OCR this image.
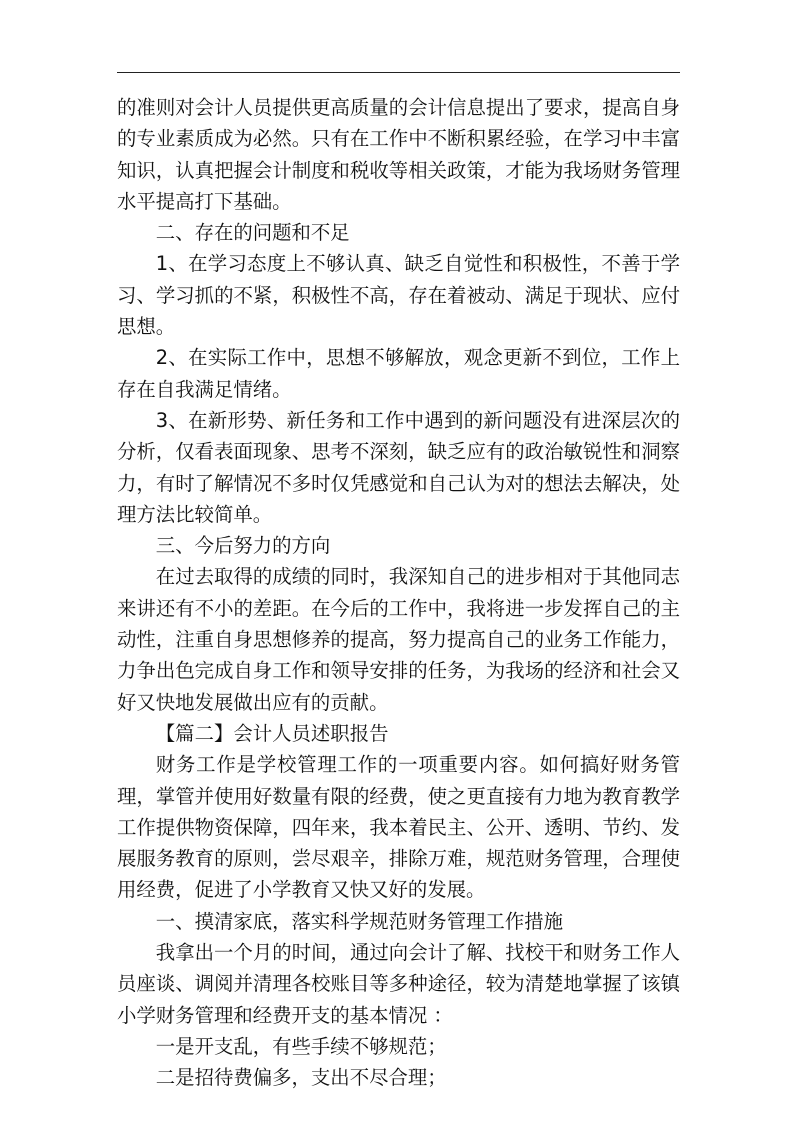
的准则对会计人员提供更高质量的会计信息提出了要求，提高自身的专业素质成为必然。只有在工作中不断积累经验，在学习中丰富知识，认真把握会计制度和税收等相关政策，才能为我场财务管理水平提高打下基础。

二、存在的问题和不足

1、在学习态度上不够认真、缺乏自觉性和积极性，不善于学习、学习抓的不紧，积极性不高，存在着被动、满足于现状、应付思想。

2、在实际工作中，思想不够解放，观念更新不到位，工作上存在自我满足情绪。

3、在新形势、新任务和工作中遇到的新问题没有进深层次的分析，仅看表面现象、思考不深刻，缺乏应有的政治敏锐性和洞察力，有时了解情况不多时仅凭感觉和自己认为对的想法去解决，处理方法比较简单。

三、今后努力的方向

在过去取得的成绩的同时，我深知自己的进步相对于其他同志来讲还有不小的差距。在今后的工作中，我将进一步发挥自己的主动性，注重自身思想修养的提高，努力提高自己的业务工作能力，力争出色完成自身工作和领导安排的任务，为我场的经济和社会又好又快地发展做出应有的贡献。

【篇二】会计人员述职报告

财务工作是学校管理工作的一项重要内容。如何搞好财务管理，掌管并使用好数量有限的经费，使之更直接有力地为教育教学工作提供物资保障，四年来，我本着民主、公开、透明、节约、发展服务教育的原则，尝尽艰辛，排除万难，规范财务管理，合理使用经费，促进了小学教育又快又好的发展。

一、摸清家底，落实科学规范财务管理工作措施

我拿出一个月的时间，通过向会计了解、找校干和财务工作人员座谈、调阅并清理各校账目等多种途径，较为清楚地掌握了该镇小学财务管理和经费开支的基本情况 ：

一是开支乱，有些手续不够规范；

二是招待费偏多，支出不尽合理；
